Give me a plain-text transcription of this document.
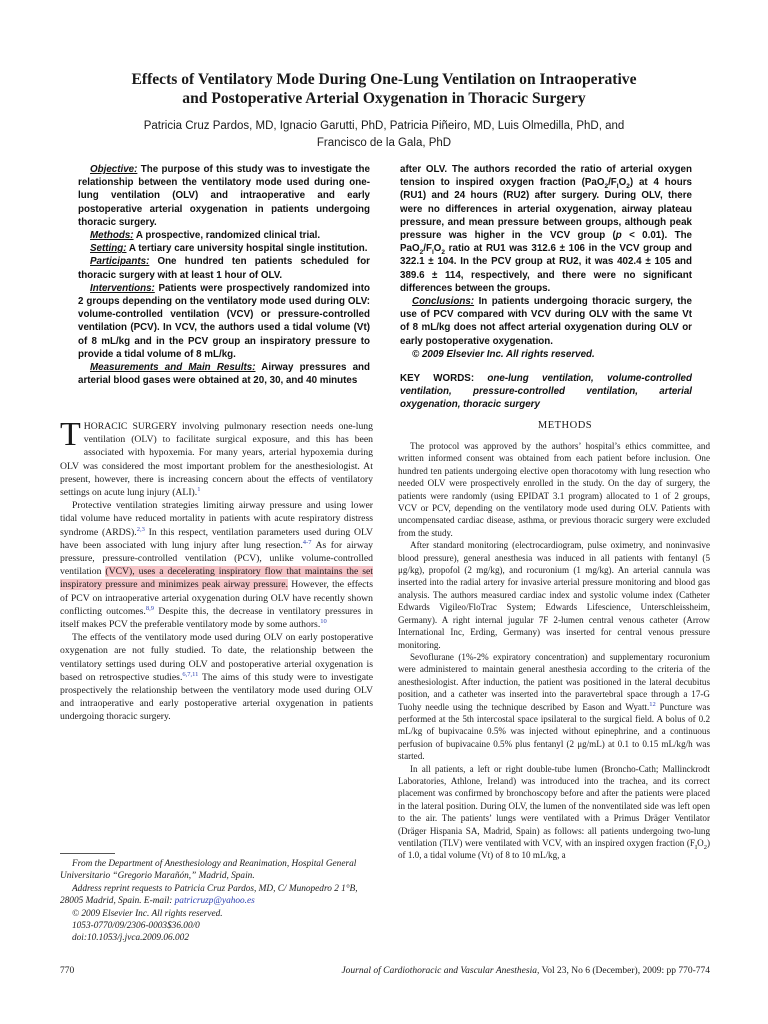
Effects of Ventilatory Mode During One-Lung Ventilation on Intraoperative
and Postoperative Arterial Oxygenation in Thoracic Surgery
Patricia Cruz Pardos, MD, Ignacio Garutti, PhD, Patricia Piñeiro, MD, Luis Olmedilla, PhD, and
Francisco de la Gala, PhD

Objective: The purpose of this study was to investigate the relationship between the ventilatory mode used during one-lung ventilation (OLV) and intraoperative and early postoperative arterial oxygenation in patients undergoing thoracic surgery.

Methods: A prospective, randomized clinical trial.

Setting: A tertiary care university hospital single institution.

Participants: One hundred ten patients scheduled for thoracic surgery with at least 1 hour of OLV.

Interventions: Patients were prospectively randomized into 2 groups depending on the ventilatory mode used during OLV: volume-controlled ventilation (VCV) or pressure-controlled ventilation (PCV). In VCV, the authors used a tidal volume (Vt) of 8 mL/kg and in the PCV group an inspiratory pressure to provide a tidal volume of 8 mL/kg.

Measurements and Main Results: Airway pressures and arterial blood gases were obtained at 20, 30, and 40 minutes

after OLV. The authors recorded the ratio of arterial oxygen tension to inspired oxygen fraction $(PaO_2/F_IO_2)$ at 4 hours (RU1) and 24 hours (RU2) after surgery. During OLV, there were no differences in arterial oxygenation, airway plateau pressure, and mean pressure between groups, although peak pressure was higher in the VCV group (p < 0.01). The $PaO_2/F_IO_2$ ratio at RU1 was 312.6 ± 106 in the VCV group and 322.1 ± 104. In the PCV group at RU2, it was 402.4 ± 105 and 389.6 ± 114, respectively, and there were no significant differences between the groups.

Conclusions: In patients undergoing thoracic surgery, the use of PCV compared with VCV during OLV with the same Vt of 8 mL/kg does not affect arterial oxygenation during OLV or early postoperative oxygenation.

© 2009 Elsevier Inc. All rights reserved.

KEY WORDS: one-lung ventilation, volume-controlled ventilation, pressure-controlled ventilation, arterial oxygenation, thoracic surgery

THORACIC SURGERY involving pulmonary resection needs one-lung ventilation (OLV) to facilitate surgical exposure, and this has been associated with hypoxemia. For many years, arterial hypoxemia during OLV was considered the most important problem for the anesthesiologist. At present, however, there is increasing concern about the effects of ventilatory settings on acute lung injury (ALI).$^1$

Protective ventilation strategies limiting airway pressure and using lower tidal volume have reduced mortality in patients with acute respiratory distress syndrome (ARDS).$^{2,3}$ In this respect, ventilation parameters used during OLV have been associated with lung injury after lung resection.$^{4-7}$ As for airway pressure, pressure-controlled ventilation (PCV), unlike volume-controlled ventilation (VCV), uses a decelerating inspiratory flow that maintains the set inspiratory pressure and minimizes peak airway pressure. However, the effects of PCV on intraoperative arterial oxygenation during OLV have recently shown conflicting outcomes.$^{8,9}$ Despite this, the decrease in ventilatory pressures in itself makes PCV the preferable ventilatory mode by some authors.$^{10}$

The effects of the ventilatory mode used during OLV on early postoperative oxygenation are not fully studied. To date, the relationship between the ventilatory settings used during OLV and postoperative arterial oxygenation is based on retrospective studies.$^{6,7,11}$ The aims of this study were to investigate prospectively the relationship between the ventilatory mode used during OLV and intraoperative and early postoperative arterial oxygenation in patients undergoing thoracic surgery.

From the Department of Anesthesiology and Reanimation, Hospital General Universitario “Gregorio Marañón,” Madrid, Spain.

Address reprint requests to Patricia Cruz Pardos, MD, C/ Munopedro 2 1°B, 28005 Madrid, Spain. E-mail: patricruzp@yahoo.es

© 2009 Elsevier Inc. All rights reserved.

1053-0770/09/2306-0003$36.00/0

doi:10.1053/j.jvca.2009.06.002

METHODS

The protocol was approved by the authors’ hospital’s ethics committee, and written informed consent was obtained from each patient before inclusion. One hundred ten patients undergoing elective open thoracotomy with lung resection who needed OLV were prospectively enrolled in the study. On the day of surgery, the patients were randomly (using EPIDAT 3.1 program) allocated to 1 of 2 groups, VCV or PCV, depending on the ventilatory mode used during OLV. Patients with uncompensated cardiac disease, asthma, or previous thoracic surgery were excluded from the study.

After standard monitoring (electrocardiogram, pulse oximetry, and noninvasive blood pressure), general anesthesia was induced in all patients with fentanyl (5 μg/kg), propofol (2 mg/kg), and rocuronium (1 mg/kg). An arterial cannula was inserted into the radial artery for invasive arterial pressure monitoring and blood gas analysis. The authors measured cardiac index and systolic volume index (Catheter Edwards Vigileo/FloTrac System; Edwards Lifescience, Unterschleissheim, Germany). A right internal jugular 7F 2-lumen central venous catheter (Arrow International Inc, Erding, Germany) was inserted for central venous pressure monitoring.

Sevoflurane (1%-2% expiratory concentration) and supplementary rocuronium were administered to maintain general anesthesia according to the criteria of the anesthesiologist. After induction, the patient was positioned in the lateral decubitus position, and a catheter was inserted into the paravertebral space through a 17-G Tuohy needle using the technique described by Eason and Wyatt.$^{12}$ Puncture was performed at the 5th intercostal space ipsilateral to the surgical field. A bolus of 0.2 mL/kg of bupivacaine 0.5% was injected without epinephrine, and a continuous perfusion of bupivacaine 0.5% plus fentanyl (2 μg/mL) at 0.1 to 0.15 mL/kg/h was started.

In all patients, a left or right double-tube lumen (Broncho-Cath; Mallinckrodt Laboratories, Athlone, Ireland) was introduced into the trachea, and its correct placement was confirmed by bronchoscopy before and after the patients were placed in the lateral position. During OLV, the lumen of the nonventilated side was left open to the air. The patients’ lungs were ventilated with a Primus Dräger Ventilator (Dräger Hispania SA, Madrid, Spain) as follows: all patients undergoing two-lung ventilation (TLV) were ventilated with VCV, with an inspired oxygen fraction $(F_IO_2)$ of 1.0, a tidal volume (Vt) of 8 to 10 mL/kg, a

770	Journal of Cardiothoracic and Vascular Anesthesia, Vol 23, No 6 (December), 2009: pp 770-774
